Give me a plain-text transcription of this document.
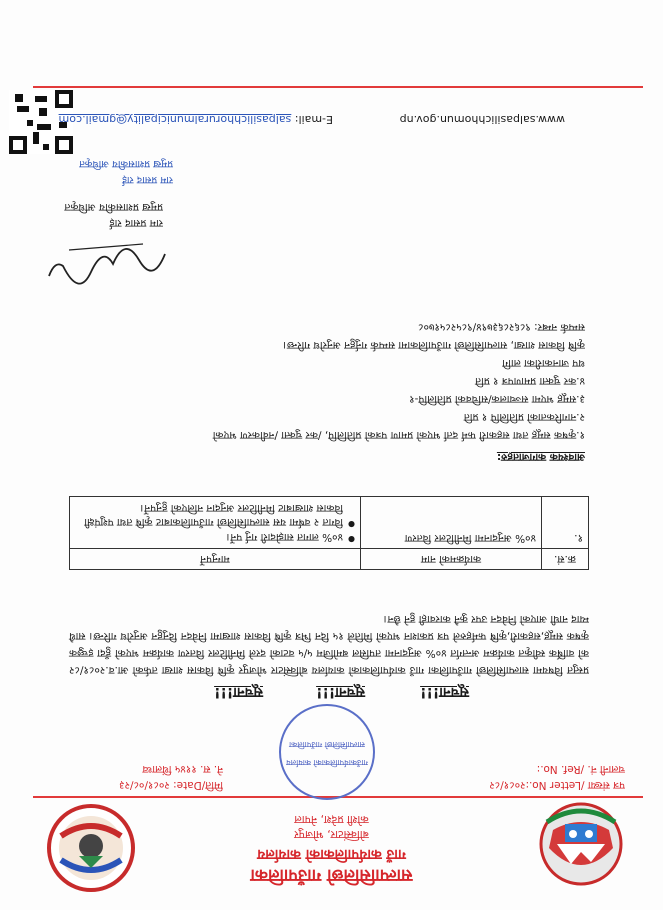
साल्पासिलिछो गाउँपालिका
गाउँ कार्यपालिकाको कार्यालय
बोक्सिंटार, भोजपुर
कोशी प्रदेश, नेपाल
पत्र संख्या /Letter No.:२०८१/८२
चलानी नं. /Ref. No.:
मिति/Date: २०८१/०८/२३
ने. स. ११४५ थिंलाथ्व
गाउँकार्यपालिकाको कार्यालय
साल्पासिलिछो गाउँपालिका
सूचना!!!
सूचना!!!
सूचना!!!
प्रस्तुत विषयमा साल्पासिलिछो गाउँपालिका गाउँ कार्यपालिकाको कार्यालय बोक्सिंटार भोजपुर कृषि विकास शाखा तर्फको आ.व.२०८१/८२ को वार्षिक स्वीकृत कार्यक्रम अन्तर्गत ४०% अनुदानमा तपसिल बमोजिम ५/५ वटाको दरले मिनीटिलर वितरण कार्यक्रम भएको हुँदा इच्छुक कृषक समूह,सहकारी,कृषि फर्महरुले पत्र प्रकाशन भएको मितिले १५ दिन भित्र कृषि विकास शाखामा निवेदन दिनुहुन अनुरोध गरिन्छ। साथै म्याद नाघी आएको निवेदन उपर कुनै कारवाही हुने छैन।
क्र.सं.	कार्यक्रमको नाम	माग्नुपर्ने
१.	४०% अनुदानमा मिनीटिलर वितरण	● ४०% लागत साझेदारी गर्नु पर्ने।
● विगत २ वर्षमा यस साल्पासिलिछो गाउँपालिकाबाट कृषि तथा पशुपंक्षी विकास शाखाबाट मिनीटिलर अनुदान नलिएको हुनुपर्ने।
आवश्यक कागजातहरु:
१.कृषक समूह तथा सहकारी फर्म दर्ता भएको प्रमाण पत्रको प्रतिलिपि, /कर चुक्ता /नवीकरण भएको
२.नागरिकताको प्रतिलिपि १ प्रति
३.समूह भएमा सञ्चालक/सचिवको प्रतिलिपि-१
४.कर चुक्ता प्रमाणपत्र १ प्रति
थप जानकारीका लागि
कृषि विकास शाखा, साल्पासिलिछो गाउँपालिकामा सम्पर्क गर्नुहुन अनुरोध गरिन्छ।
सम्पर्क नम्बर: ९८६२८६३७९४/९८५२८५१७०८
राम प्रसाद राई
प्रमुख प्रशासकीय अधिकृत
राम प्रसाद राई
प्रमुख प्रशासकीय अधिकृत
www.salpasilichhomun.gov.np
E-mail: salpasilichhoruralmunicipality@gmail.com
